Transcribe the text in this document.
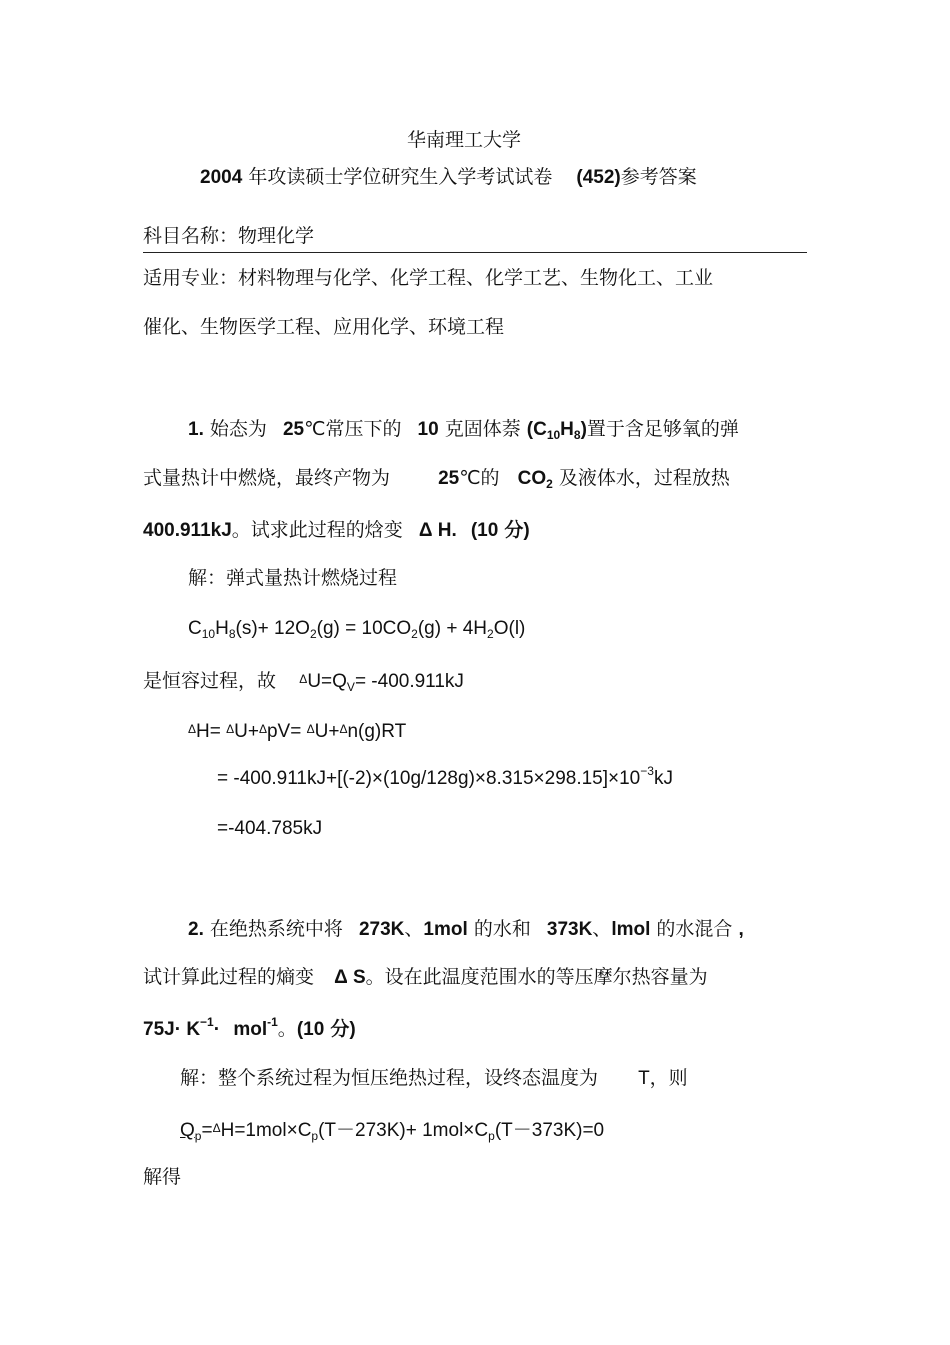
华南理工大学
2004 年攻读硕士学位研究生入学考试试卷 (452)参考答案
科目名称：物理化学
适用专业：材料物理与化学、化学工程、化学工艺、生物化工、工业
催化、生物医学工程、应用化学、环境工程
1. 始态为 25℃常压下的 10 克固体萘 $(C_{10}H_8)$置于含足够氧的弹
式量热计中燃烧，最终产物为	25℃的 $CO_2$ 及液体水，过程放热
400.911kJ。试求此过程的焓变 Δ H. (10 分)
解：弹式量热计燃烧过程
$C_{10}H_8(s)+ 12O_2(g) = 10CO_2(g) + 4H_2O(l)$
是恒容过程，故 $^\Delta U=Q_V= -400.911kJ$
$^\Delta$H= $^\Delta$U+$^\Delta$pV= $^\Delta$U+$^\Delta$n(g)RT
= $-400.911kJ+[(-2)\times(10g/128g)\times 8.315\times 298.15]\times 10^{-3}kJ$
=-404.785kJ
2. 在绝热系统中将 273K、1mol 的水和 373K、lmol 的水混合 ,
试计算此过程的熵变 Δ S。设在此温度范围水的等压摩尔热容量为
$75J\cdot K^{-1}\cdot mol^{-1}$。(10 分)
解：整个系统过程为恒压绝热过程，设终态温度为 T，则
$Q_p=^\Delta H=1mol\times C_p(T-273K)+ 1mol\times C_p(T-373K)=0$
解得
